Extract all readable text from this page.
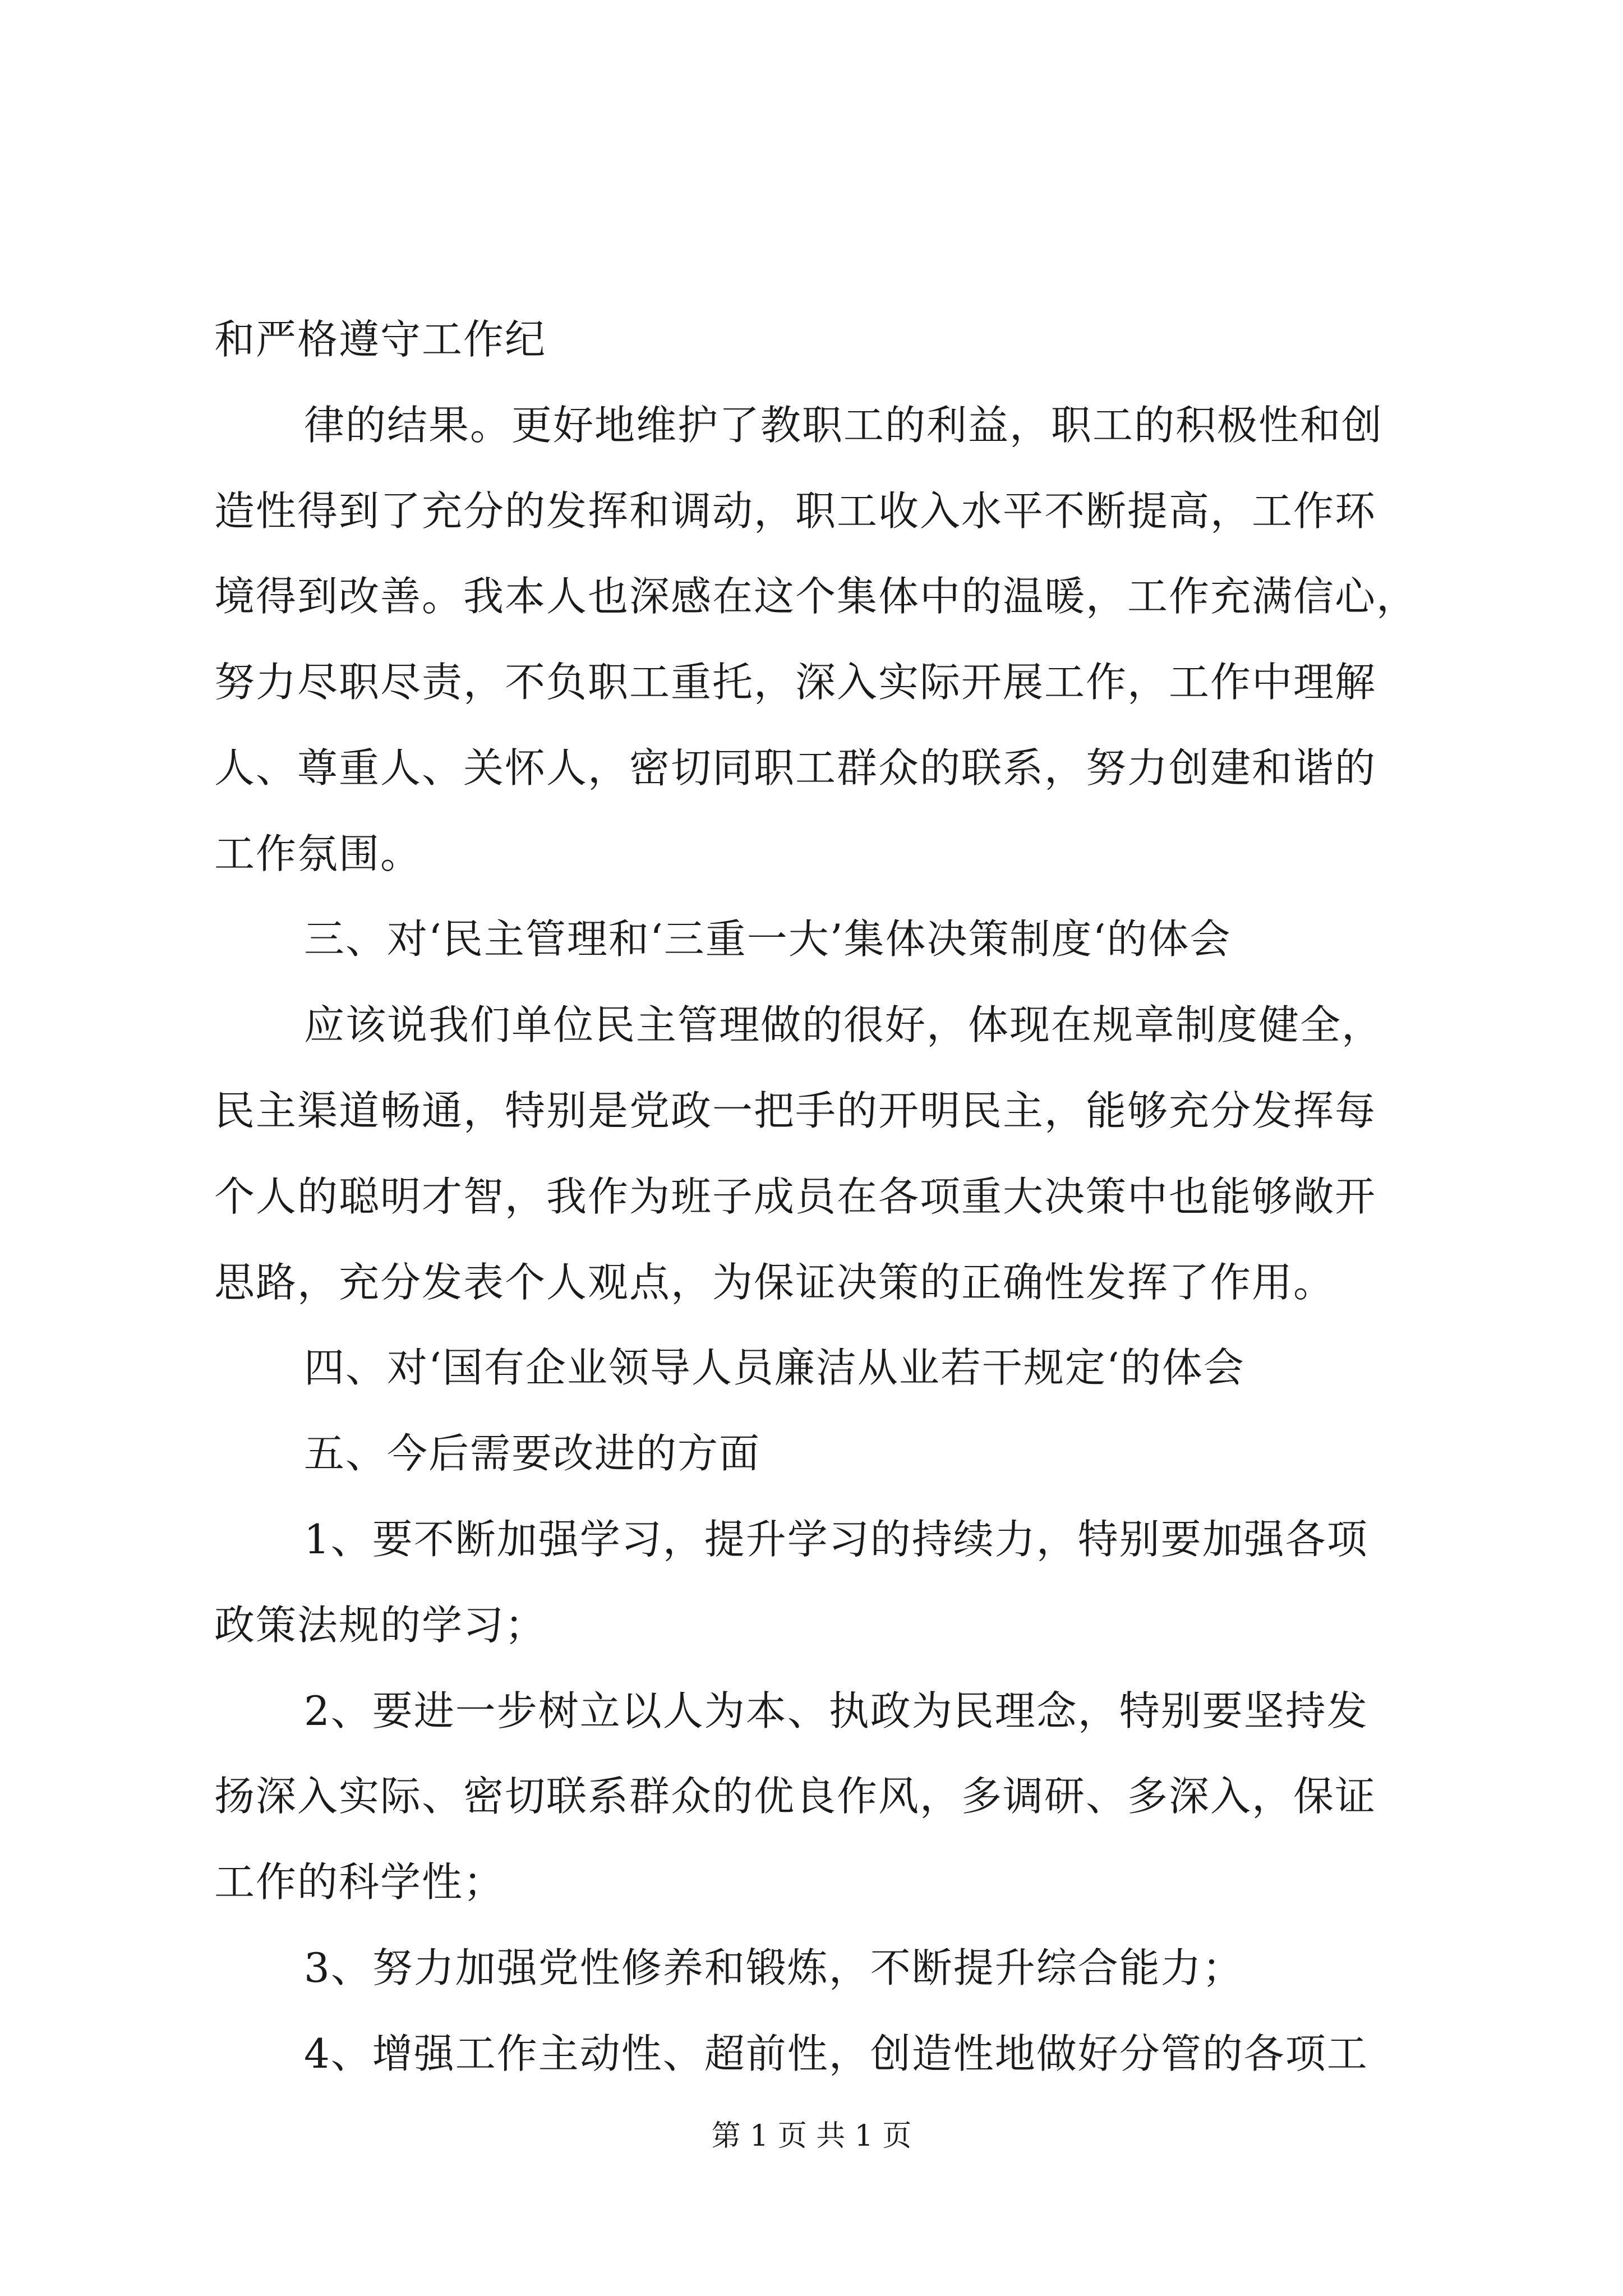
和严格遵守工作纪
律的结果。更好地维护了教职工的利益，职工的积极性和创
造性得到了充分的发挥和调动，职工收入水平不断提高，工作环
境得到改善。我本人也深感在这个集体中的温暖，工作充满信心，
努力尽职尽责，不负职工重托，深入实际开展工作，工作中理解
人、尊重人、关怀人，密切同职工群众的联系，努力创建和谐的
工作氛围。
三、对‘民主管理和‘三重一大’集体决策制度‘的体会
应该说我们单位民主管理做的很好，体现在规章制度健全，
民主渠道畅通，特别是党政一把手的开明民主，能够充分发挥每
个人的聪明才智，我作为班子成员在各项重大决策中也能够敞开
思路，充分发表个人观点，为保证决策的正确性发挥了作用。
四、对‘国有企业领导人员廉洁从业若干规定‘的体会
五、今后需要改进的方面
1、要不断加强学习，提升学习的持续力，特别要加强各项
政策法规的学习；
2、要进一步树立以人为本、执政为民理念，特别要坚持发
扬深入实际、密切联系群众的优良作风，多调研、多深入，保证
工作的科学性；
3、努力加强党性修养和锻炼，不断提升综合能力；
4、增强工作主动性、超前性，创造性地做好分管的各项工
第 1 页 共 1 页
